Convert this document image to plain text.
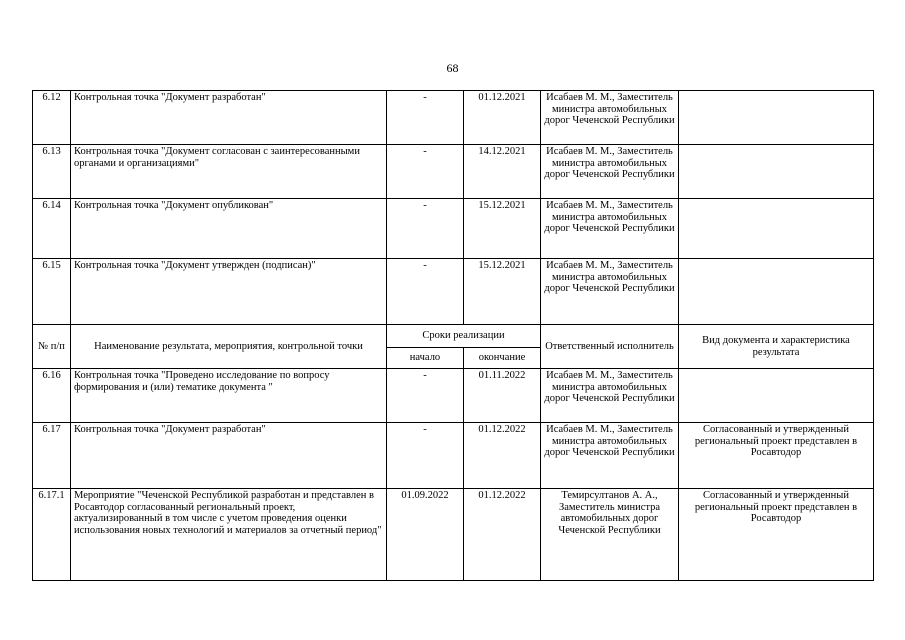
68
6.12	Контрольная точка "Документ разработан"	-	01.12.2021	Исабаев М. М., Заместитель министра автомобильных дорог Чеченской Республики	
6.13	Контрольная точка "Документ согласован с заинтересованными органами и организациями"	-	14.12.2021	Исабаев М. М., Заместитель министра автомобильных дорог Чеченской Республики	
6.14	Контрольная точка "Документ опубликован"	-	15.12.2021	Исабаев М. М., Заместитель министра автомобильных дорог Чеченской Республики	
6.15	Контрольная точка "Документ утвержден (подписан)"	-	15.12.2021	Исабаев М. М., Заместитель министра автомобильных дорог Чеченской Республики	
№ п/п	Наименование результата, мероприятия, контрольной точки	Сроки реализации		Ответственный исполнитель	Вид документа и характеристика результата
		начало	окончание		
6.16	Контрольная точка "Проведено исследование по вопросу формирования и (или) тематике документа "	-	01.11.2022	Исабаев М. М., Заместитель министра автомобильных дорог Чеченской Республики	
6.17	Контрольная точка "Документ разработан"	-	01.12.2022	Исабаев М. М., Заместитель министра автомобильных дорог Чеченской Республики	Согласованный и утвержденный региональный проект представлен в Росавтодор
6.17.1	Мероприятие "Чеченской Республикой разработан и представлен в Росавтодор согласованный региональный проект, актуализированный в том числе с учетом проведения оценки использования новых технологий и материалов за отчетный период"	01.09.2022	01.12.2022	Темирсултанов А. А., Заместитель министра автомобильных дорог Чеченской Республики	Согласованный и утвержденный региональный проект представлен в Росавтодор
